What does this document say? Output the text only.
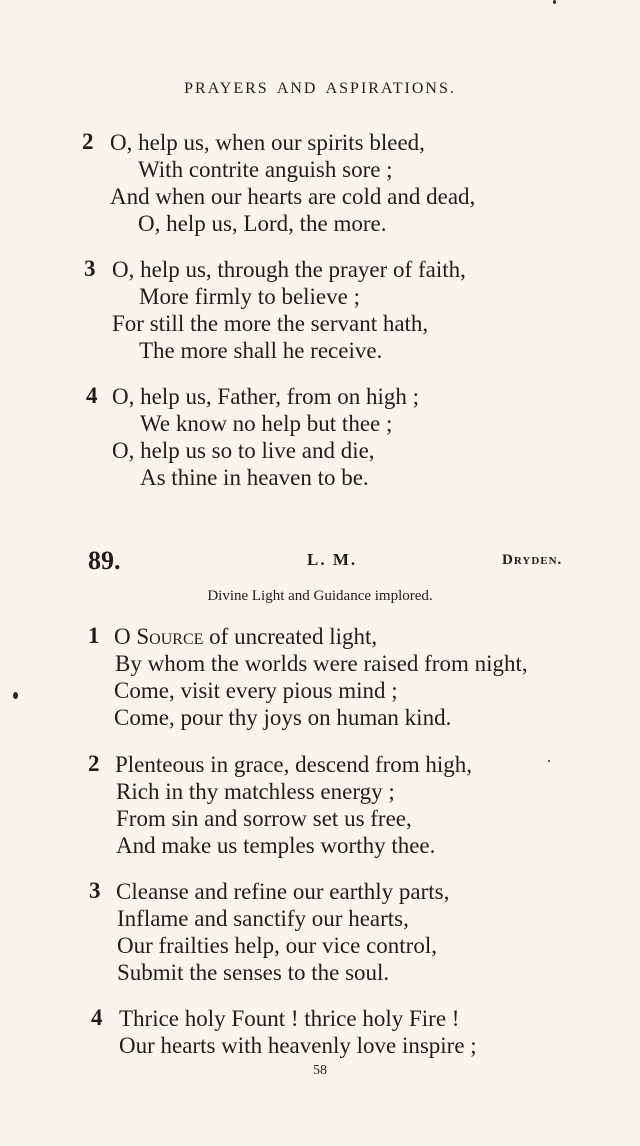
PRAYERS AND ASPIRATIONS.
2 O, help us, when our spirits bleed,
With contrite anguish sore ;
And when our hearts are cold and dead,
O, help us, Lord, the more.
3 O, help us, through the prayer of faith,
More firmly to believe ;
For still the more the servant hath,
The more shall he receive.
4 O, help us, Father, from on high ;
We know no help but thee ;
O, help us so to live and die,
As thine in heaven to be.
89.	L. M.	Dryden.
Divine Light and Guidance implored.
1 O Source of uncreated light,
By whom the worlds were raised from night,
Come, visit every pious mind ;
Come, pour thy joys on human kind.
2 Plenteous in grace, descend from high,
Rich in thy matchless energy ;
From sin and sorrow set us free,
And make us temples worthy thee.
3 Cleanse and refine our earthly parts,
Inflame and sanctify our hearts,
Our frailties help, our vice control,
Submit the senses to the soul.
4 Thrice holy Fount ! thrice holy Fire !
Our hearts with heavenly love inspire ;
58
